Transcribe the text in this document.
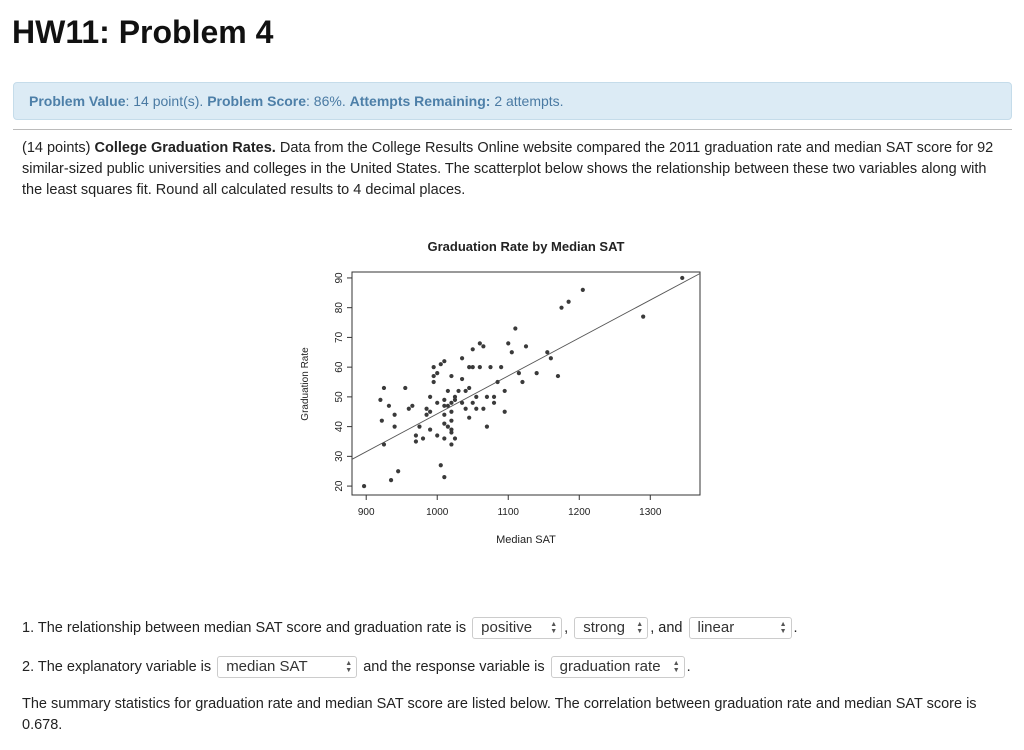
HW11: Problem 4
Problem Value: 14 point(s). Problem Score: 86%. Attempts Remaining: 2 attempts.

(14 points) College Graduation Rates. Data from the College Results Online website compared the 2011 graduation rate and median SAT score for 92 similar-sized public universities and colleges in the United States. The scatterplot below shows the relationship between these two variables along with the least squares fit. Round all calculated results to 4 decimal places.

Graduation Rate by Median SAT
900	1000	1100	1200	1300
20
30
40
50
60
70
80
90
Median SAT
Graduation Rate
1. The relationship between median SAT score and graduation rate is positive	▲
▼ , strong ▲
▼ , and linear	▲
▼ .
2. The explanatory variable is median SAT	▲
▼ and the response variable is graduation rate ▲
▼ .

The summary statistics for graduation rate and median SAT score are listed below. The correlation between graduation rate and median SAT score is 0.678.
